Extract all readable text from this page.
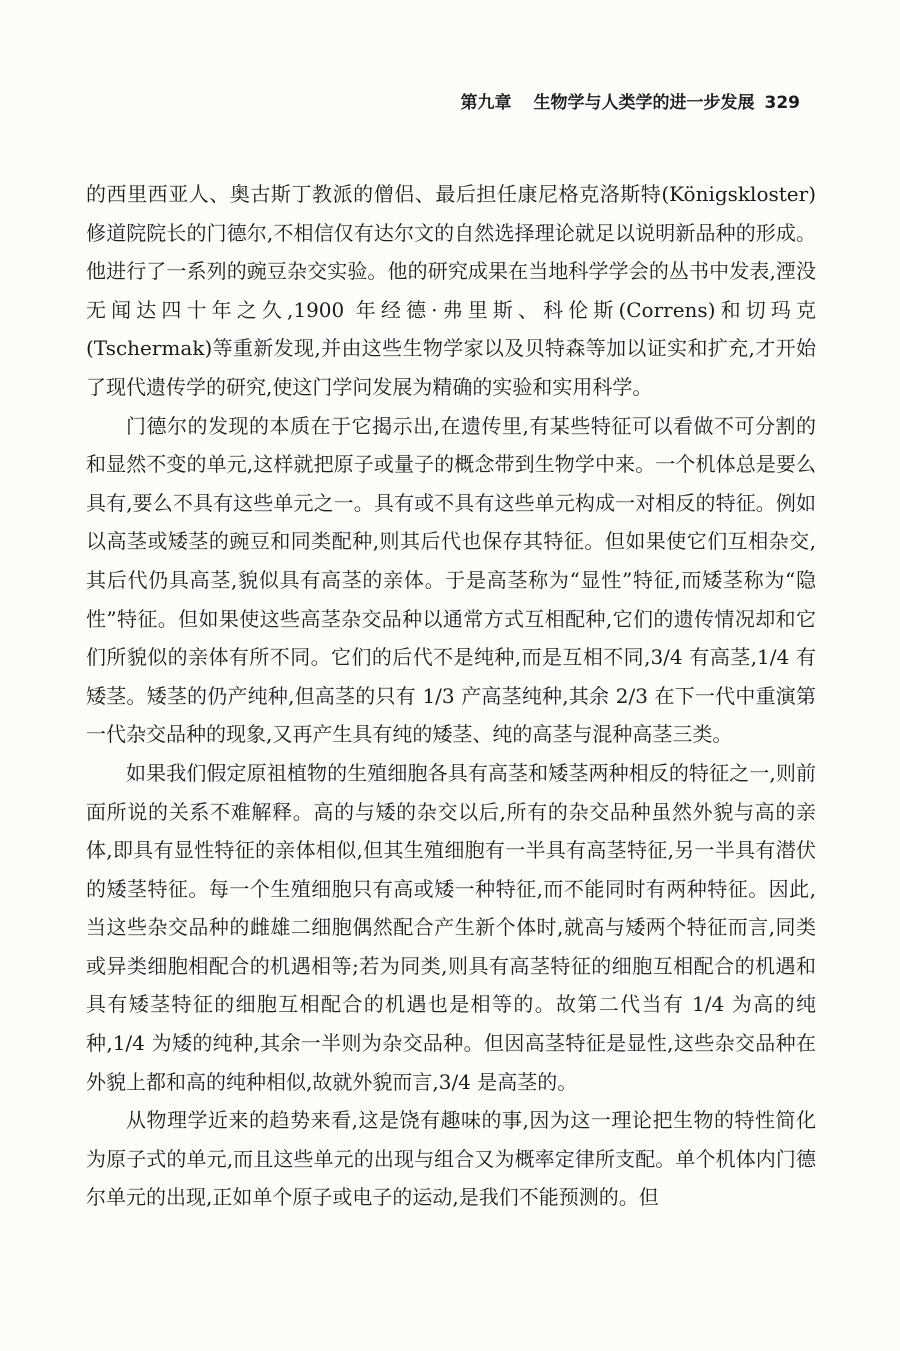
第九章 生物学与人类学的进一步发展 329

的西里西亚人、奥古斯丁教派的僧侣、最后担任康尼格克洛斯特(Königskloster)修道院院长的门德尔,不相信仅有达尔文的自然选择理论就足以说明新品种的形成。他进行了一系列的豌豆杂交实验。他的研究成果在当地科学学会的丛书中发表,湮没无闻达四十年之久,1900 年经德·弗里斯、科伦斯(Correns)和切玛克(Tschermak)等重新发现,并由这些生物学家以及贝特森等加以证实和扩充,才开始了现代遗传学的研究,使这门学问发展为精确的实验和实用科学。

门德尔的发现的本质在于它揭示出,在遗传里,有某些特征可以看做不可分割的和显然不变的单元,这样就把原子或量子的概念带到生物学中来。一个机体总是要么具有,要么不具有这些单元之一。具有或不具有这些单元构成一对相反的特征。例如以高茎或矮茎的豌豆和同类配种,则其后代也保存其特征。但如果使它们互相杂交,其后代仍具高茎,貌似具有高茎的亲体。于是高茎称为“显性”特征,而矮茎称为“隐性”特征。但如果使这些高茎杂交品种以通常方式互相配种,它们的遗传情况却和它们所貌似的亲体有所不同。它们的后代不是纯种,而是互相不同,3/4 有高茎,1/4 有矮茎。矮茎的仍产纯种,但高茎的只有 1/3 产高茎纯种,其余 2/3 在下一代中重演第一代杂交品种的现象,又再产生具有纯的矮茎、纯的高茎与混种高茎三类。

如果我们假定原祖植物的生殖细胞各具有高茎和矮茎两种相反的特征之一,则前面所说的关系不难解释。高的与矮的杂交以后,所有的杂交品种虽然外貌与高的亲体,即具有显性特征的亲体相似,但其生殖细胞有一半具有高茎特征,另一半具有潜伏的矮茎特征。每一个生殖细胞只有高或矮一种特征,而不能同时有两种特征。因此,当这些杂交品种的雌雄二细胞偶然配合产生新个体时,就高与矮两个特征而言,同类或异类细胞相配合的机遇相等;若为同类,则具有高茎特征的细胞互相配合的机遇和具有矮茎特征的细胞互相配合的机遇也是相等的。故第二代当有 1/4 为高的纯种,1/4 为矮的纯种,其余一半则为杂交品种。但因高茎特征是显性,这些杂交品种在外貌上都和高的纯种相似,故就外貌而言,3/4 是高茎的。

从物理学近来的趋势来看,这是饶有趣味的事,因为这一理论把生物的特性简化为原子式的单元,而且这些单元的出现与组合又为概率定律所支配。单个机体内门德尔单元的出现,正如单个原子或电子的运动,是我们不能预测的。但
